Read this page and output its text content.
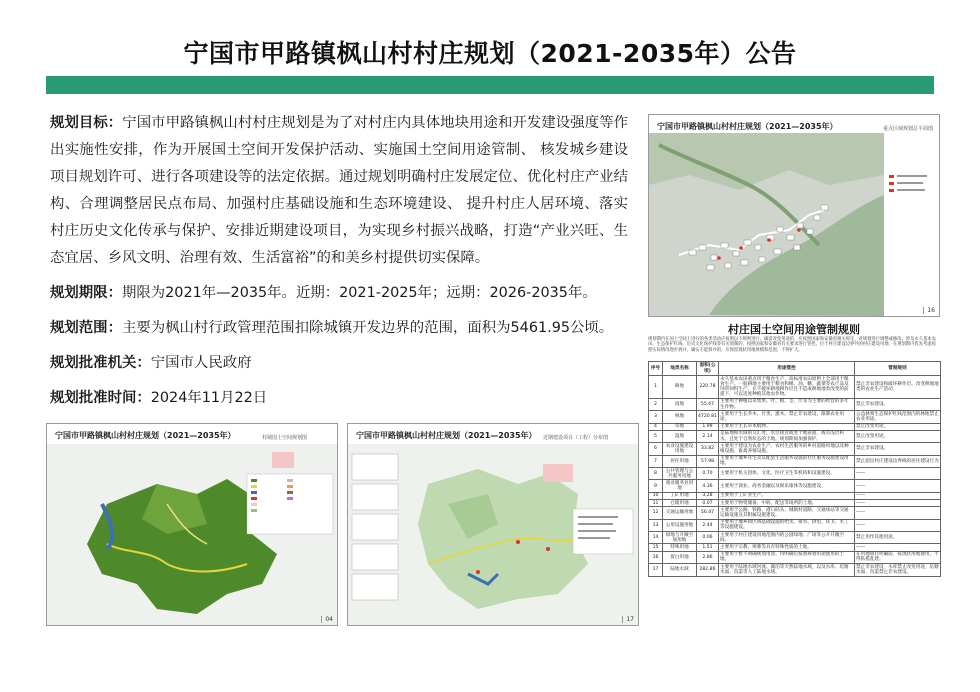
宁国市甲路镇枫山村村庄规划（2021-2035年）公告

规划目标：宁国市甲路镇枫山村村庄规划是为了对村庄内具体地块用途和开发建设强度等作出实施性安排，作为开展国土空间开发保护活动、实施国土空间用途管制、 核发城乡建设项目规划许可、进行各项建设等的法定依据。通过规划明确村庄发展定位、优化村庄产业结构、合理调整居民点布局、加强村庄基础设施和生态环境建设、 提升村庄人居环境、落实村庄历史文化传承与保护、安排近期建设项目，为实现乡村振兴战略，打造“产业兴旺、生态宜居、乡风文明、治理有效、生活富裕”的和美乡村提供切实保障。

规划期限：期限为2021年—2035年。近期：2021-2025年；远期：2026-2035年。

规划范围：主要为枫山村行政管理范围扣除城镇开发边界的范围，面积为5461.95公顷。

规划批准机关：宁国市人民政府

规划批准时间：2024年11月22日

宁国市甲路镇枫山村村庄规划（2021—2035年）	重点区域规划总平面图
16
宁国市甲路镇枫山村村庄规划（2021—2035年）	村域国土空间规划图
04
宁国市甲路镇枫山村村庄规划（2021—2035年） 近期建设项目（工程）分布图
17
村庄国土空间用途管制规则
规划期内在国土空间上进行的各类活动应按照以下规则进行。确需改变用途的，应按照国家和安徽省相关规定，对规划进行调整或修改。涉及永久基本农田、生态保护红线、历史文化保护线等有关划制的，按照国家和安徽省有关要求进行管控。位于村庄建设边界外的村庄建设用地，在规划期内优先考虑按照实际情况逐步拆并，确实不能拆并的，应保留现状用地规模和范围，不得扩大。
序号	地类名称	面积(公顷)	用途管控	管制规则
1	耕地	220.78	永久基本农田重点用于粮食生产，高标准农田原则上全部用于粮食生产。一般耕地主要用于粮食和棉、油、糖、蔬菜等农产品及饲草饲料生产。在不破坏耕地耕作层且不造成耕地地类改变的前提下，可以适度种植其他农作物。	禁止非农建设和破坏耕作层、改变耕地地类的农业生产活动。
2	园地	55.67	主要用于种植以采集果、叶、根、茎、汁等为主要的经营的多年生作物。	禁止非农建设。
3	林地	4720.81	主要用于生长乔木、竹类、灌木。禁止非农建设，限制农业用途。	公益林须生态保护红线范围内的林地禁止农业用途。
4	草地	1.99	主要用于生长草本植物。	禁止改变用途。
5	湿地	2.14	是陆地和水域的交汇处，水位接近或处于地表面，或有浅层积水，且处于自然状态的土地。规划期间加强保护。	禁止改变用途。
6	农业设施建设用地	33.82	主要用于建设为农业生产、农村生活服务的乡村道路用地以及种植设施、畜禽养殖设施。	禁止非农建设。
7	居住用地	57.98	主要用于城乡住宅及其配套生活服务设施的社区服务设施建设用地。	禁止超出村庄建设边界线的居住建设行为
8	公共管理与公共服务用地	0.70	主要用于机关团体、文化、医疗卫生等机构和设施建设。	——
9	商业服务业用地	4.36	主要用于商业、商务金融以及娱乐康体等设施建设。	——
10	工矿用地	3.28	主要用于工矿业生产。	——
11	仓储用地	0.07	主要用于物资储备、中转、配送等场所的土地。	——
12	交通运输用地	56.47	主要用于公路、铁路、港口码头、城镇村道路、交通场站等交通运输设施及其附属设施建设。	——
13	公用设施用地	2.44	主要用于城乡和区域基础设施的给水、排水、供电、环卫、水工等设施建设。	——
14	绿地与开敞空间用地	0.06	主要用于村庄建设用地范围内的公园绿地、广场等公开开敞空间。	禁止用作其他用途。
15	特殊用地	1.51	主要用于宗教、殡葬等具有特殊性质的土地。	——
16	留白用地	2.86	主要用于暂不明确规划用途、待明确后按照规划用途使用的土地。	在用地项目明确前，按现状用地使用，不得私搭乱建。
17	陆地水域	282.86	主要用于陆地水域河流、湖泊等天然陆地水域，以及水库、坑塘水面、沟渠等人工陆地水域。	禁止非农建设，水库禁止改变用途，坑塘水面、沟渠禁止非农建设。
